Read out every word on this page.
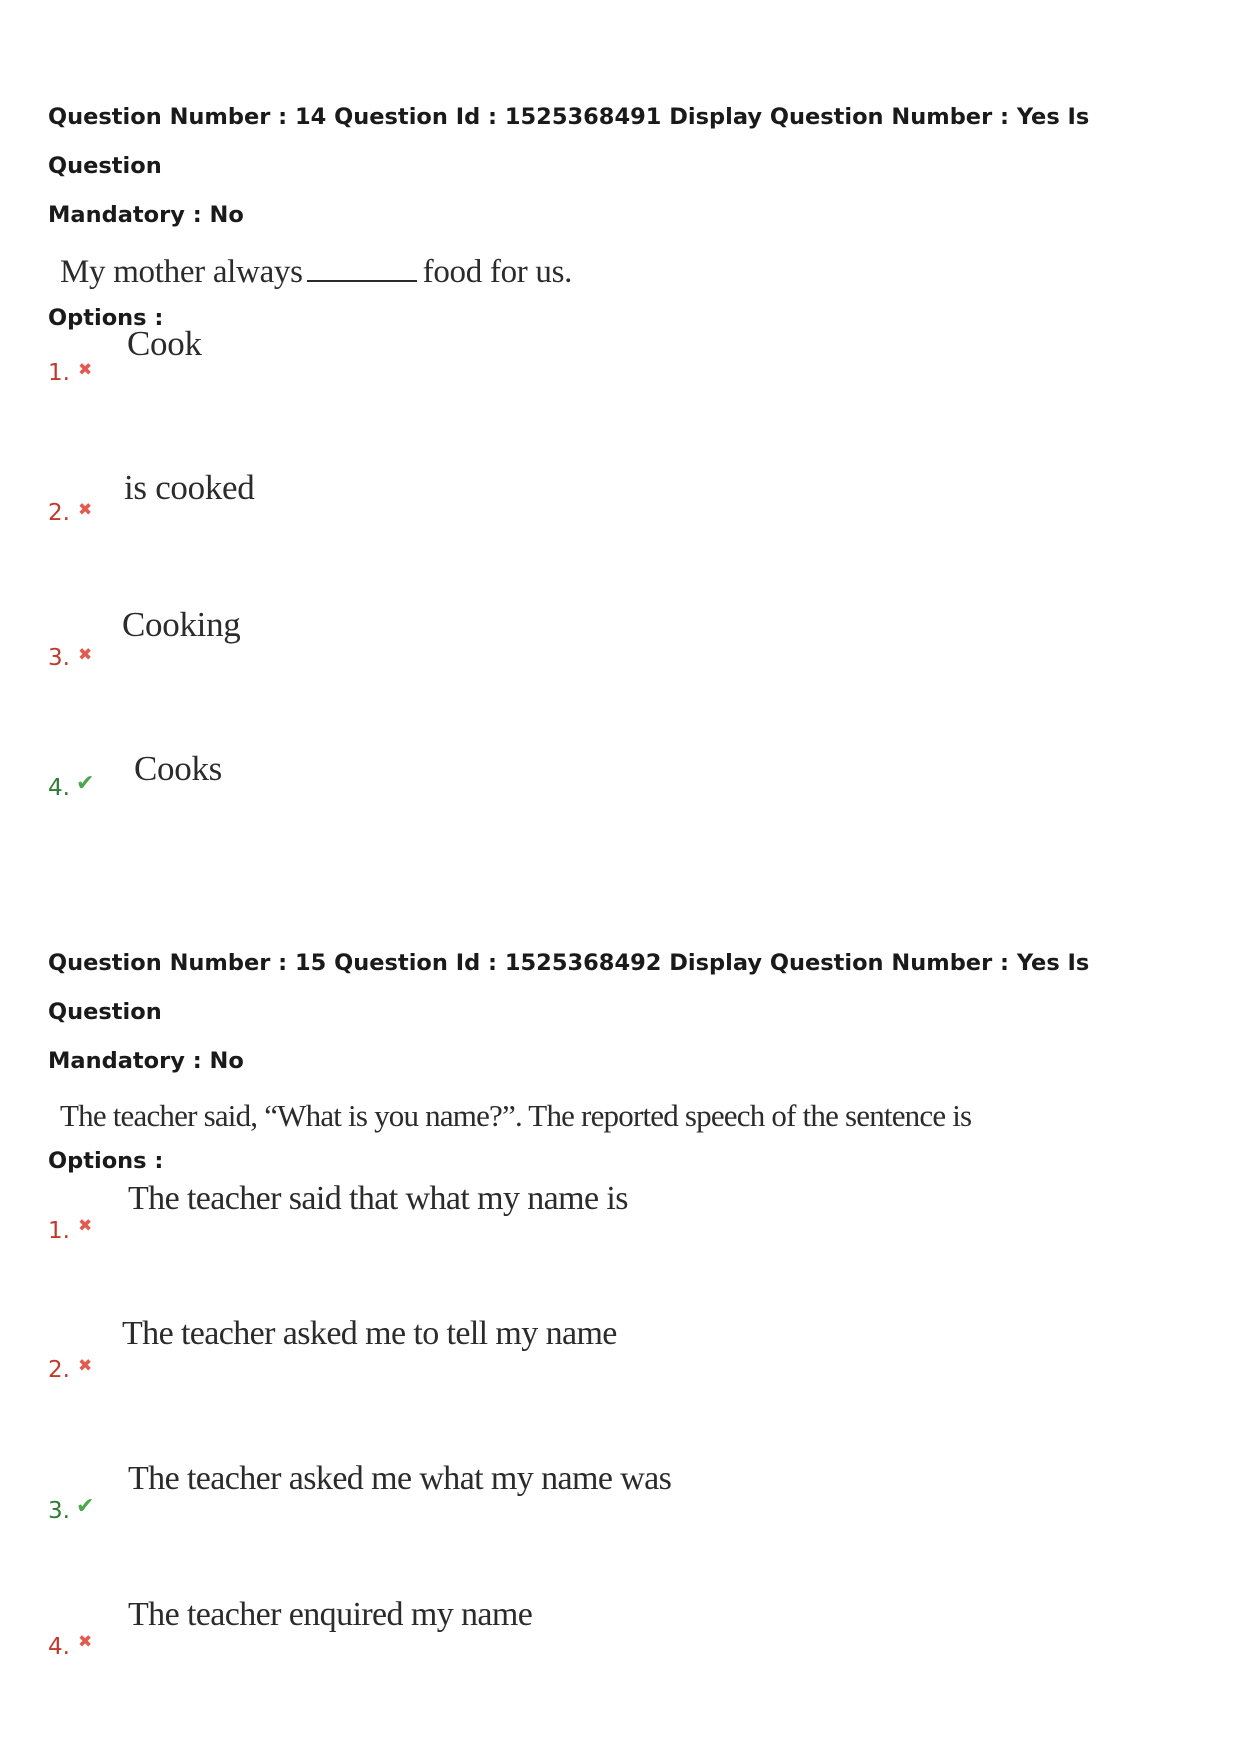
Question Number : 14 Question Id : 1525368491 Display Question Number : Yes Is Question
Mandatory : No
My mother always	food for us.
Options :
1. ✖
Cook
2. ✖
is cooked
3. ✖
Cooking
4. ✔ Cooks
Question Number : 15 Question Id : 1525368492 Display Question Number : Yes Is Question
Mandatory : No
The teacher said, “What is you name?”. The reported speech of the sentence is
Options :
1. ✖
The teacher said that what my name is
2. ✖
The teacher asked me to tell my name
3. ✔
The teacher asked me what my name was
4. ✖
The teacher enquired my name
